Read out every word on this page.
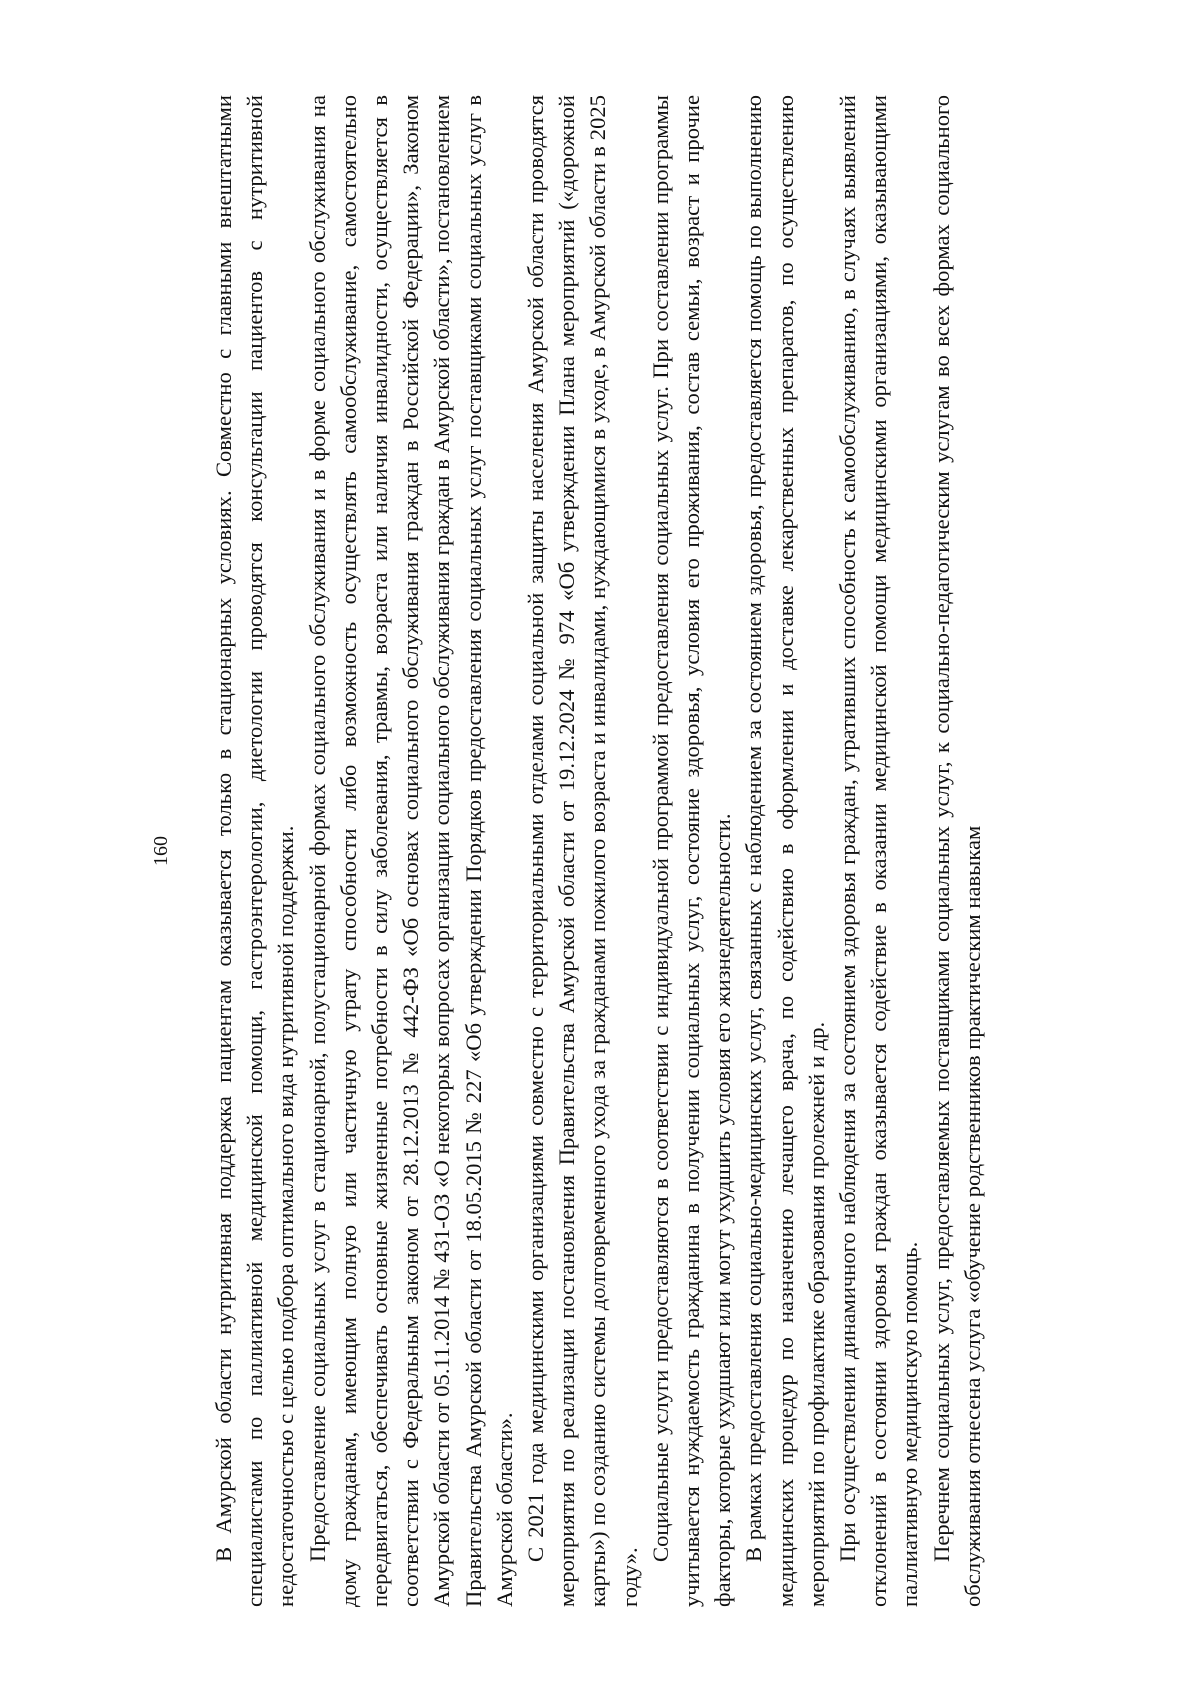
160 В Амурской области нутритивная поддержка пациентам оказывается только в стационарных условиях. Совместно с главными внештатными специалистами по паллиативной медицинской помощи, гастроэнтерологии, диетологии проводятся консультации пациентов с нутритивной недостаточностью с целью подбора оптимального вида нутритивной поддержки. Предоставление социальных услуг в стационарной, полустационарной формах социального обслуживания и в форме социального обслуживания на дому гражданам, имеющим полную или частичную утрату способности либо возможность осуществлять самообслуживание, самостоятельно передвигаться, обеспечивать основные жизненные потребности в силу заболевания, травмы, возраста или наличия инвалидности, осуществляется в соответствии с Федеральным законом от 28.12.2013 № 442-ФЗ «Об основах социального обслуживания граждан в Российской Федерации», Законом Амурской области от 05.11.2014 № 431-ОЗ «О некоторых вопросах организации социального обслуживания граждан в Амурской области», постановлением Правительства Амурской области от 18.05.2015 № 227 «Об утверждении Порядков предоставления социальных услуг поставщиками социальных услуг в Амурской области». С 2021 года медицинскими организациями совместно с территориальными отделами социальной защиты населения Амурской области проводятся мероприятия по реализации постановления Правительства Амурской области от 19.12.2024 № 974 «Об утверждении Плана мероприятий («дорожной карты») по созданию системы долговременного ухода за гражданами пожилого возраста и инвалидами, нуждающимися в уходе, в Амурской области в 2025 году».

Социальные услуги предоставляются в соответствии с индивидуальной программой предоставления социальных услуг. При составлении программы учитывается нуждаемость гражданина в получении социальных услуг, состояние здоровья, условия его проживания, состав семьи, возраст и прочие факторы, которые ухудшают или могут ухудшить условия его жизнедеятельности. В рамках предоставления социально-медицинских услуг, связанных с наблюдением за состоянием здоровья, предоставляется помощь по выполнению медицинских процедур по назначению лечащего врача, по содействию в оформлении и доставке лекарственных препаратов, по осуществлению мероприятий по профилактике образования пролежней и др. При осуществлении динамичного наблюдения за состоянием здоровья граждан, утративших способность к самообслуживанию, в случаях выявлений отклонений в состоянии здоровья граждан оказывается содействие в оказании медицинской помощи медицинскими организациями, оказывающими паллиативную медицинскую помощь. Перечнем социальных услуг, предоставляемых поставщиками социальных услуг, к социально-педагогическим услугам во всех формах социального обслуживания отнесена услуга «обучение родственников практическим навыкам
